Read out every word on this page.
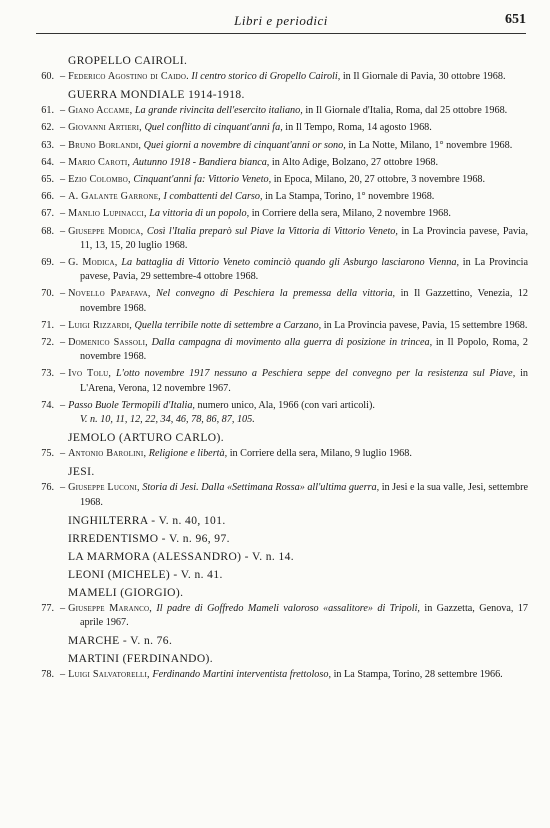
Libri e periodici	651
GROPELLO CAIROLI.
60. – Federico Agostino di Caido. Il centro storico di Gropello Cairoli, in Il Giornale di Pavia, 30 ottobre 1968.
GUERRA MONDIALE 1914-1918.
61. – Giano Accame, La grande rivincita dell'esercito italiano, in Il Giornale d'Italia, Roma, dal 25 ottobre 1968.
62. – Giovanni Artieri, Quel conflitto di cinquant'anni fa, in Il Tempo, Roma, 14 agosto 1968.
63. – Bruno Borlandi, Quei giorni a novembre di cinquant'anni or sono, in La Notte, Milano, 1° novembre 1968.
64. – Mario Caroti, Autunno 1918 - Bandiera bianca, in Alto Adige, Bolzano, 27 ottobre 1968.
65. – Ezio Colombo, Cinquant'anni fa: Vittorio Veneto, in Epoca, Milano, 20, 27 ottobre, 3 novembre 1968.
66. – A. Galante Garrone, I combattenti del Carso, in La Stampa, Torino, 1° novembre 1968.
67. – Manlio Lupinacci, La vittoria di un popolo, in Corriere della sera, Milano, 2 novembre 1968.
68. – Giuseppe Modica, Così l'Italia preparò sul Piave la Vittoria di Vittorio Veneto, in La Provincia pavese, Pavia, 11, 13, 15, 20 luglio 1968.
69. – G. Modica, La battaglia di Vittorio Veneto cominciò quando gli Asburgo lasciarono Vienna, in La Provincia pavese, Pavia, 29 settembre-4 ottobre 1968.
70. – Novello Papafava, Nel convegno di Peschiera la premessa della vittoria, in Il Gazzettino, Venezia, 12 novembre 1968.
71. – Luigi Rizzardi, Quella terribile notte di settembre a Carzano, in La Provincia pavese, Pavia, 15 settembre 1968.
72. – Domenico Sassoli, Dalla campagna di movimento alla guerra di posizione in trincea, in Il Popolo, Roma, 2 novembre 1968.
73. – Ivo Tolu, L'otto novembre 1917 nessuno a Peschiera seppe del convegno per la resistenza sul Piave, in L'Arena, Verona, 12 novembre 1967.
74. – Passo Buole Termopili d'Italia, numero unico, Ala, 1966 (con vari articoli).
V. n. 10, 11, 12, 22, 34, 46, 78, 86, 87, 105.
JEMOLO (ARTURO CARLO).
75. – Antonio Barolini, Religione e libertà, in Corriere della sera, Milano, 9 luglio 1968.
JESI.
76. – Giuseppe Luconi, Storia di Jesi. Dalla «Settimana Rossa» all'ultima guerra, in Jesi e la sua valle, Jesi, settembre 1968.
INGHILTERRA - V. n. 40, 101.
IRREDENTISMO - V. n. 96, 97.
LA MARMORA (ALESSANDRO) - V. n. 14.
LEONI (MICHELE) - V. n. 41.
MAMELI (GIORGIO).
77. – Giuseppe Maranco, Il padre di Goffredo Mameli valoroso «assalitore» di Tripoli, in Gazzetta, Genova, 17 aprile 1967.
MARCHE - V. n. 76.
MARTINI (FERDINANDO).
78. – Luigi Salvatorelli, Ferdinando Martini interventista frettoloso, in La Stampa, Torino, 28 settembre 1966.
